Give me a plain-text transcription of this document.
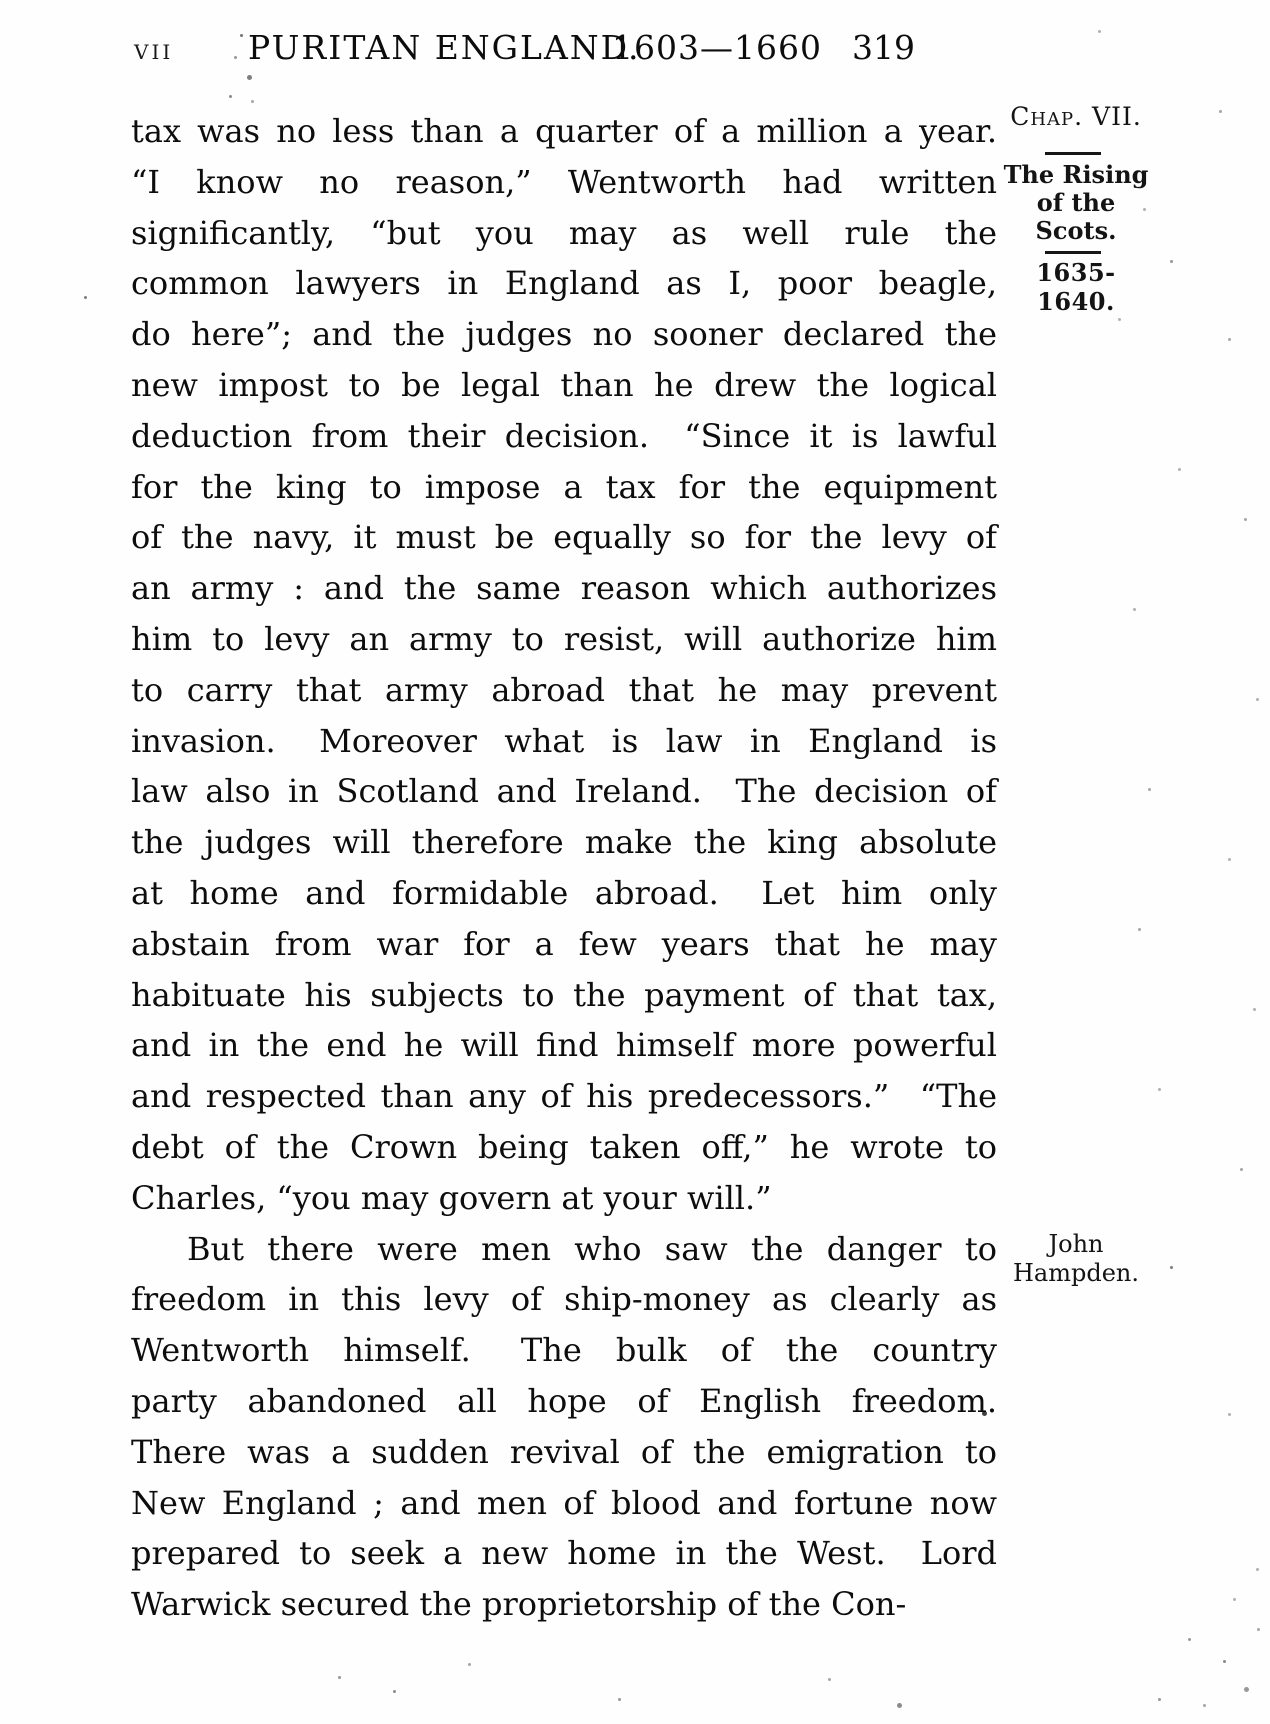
VII PURITAN ENGLAND.
1603—1660 319
tax was no less than a quarter of a million a year.
“I know no reason,” Wentworth had written
significantly, “but you may as well rule the
common lawyers in England as I, poor beagle,
do here”; and the judges no sooner declared the
new impost to be legal than he drew the logical
deduction from their decision.  “Since it is lawful
for the king to impose a tax for the equipment
of the navy, it must be equally so for the levy of
an army : and the same reason which authorizes
him to levy an army to resist, will authorize him
to carry that army abroad that he may prevent
invasion.  Moreover what is law in England is
law also in Scotland and Ireland.  The decision of
the judges will therefore make the king absolute
at home and formidable abroad.  Let him only
abstain from war for a few years that he may
habituate his subjects to the payment of that tax,
and in the end he will find himself more powerful
and respected than any of his predecessors.”  “The
debt of the Crown being taken off,” he wrote to
Charles, “you may govern at your will.”
But there were men who saw the danger to
freedom in this levy of ship-money as clearly as
Wentworth himself.  The bulk of the country
party abandoned all hope of English freedom.
There was a sudden revival of the emigration to
New England ; and men of blood and fortune now
prepared to seek a new home in the West.  Lord
Warwick secured the proprietorship of the Con-
Chap. VII.
The Rising
of the
Scots.
1635-1640.
John
Hampden.
